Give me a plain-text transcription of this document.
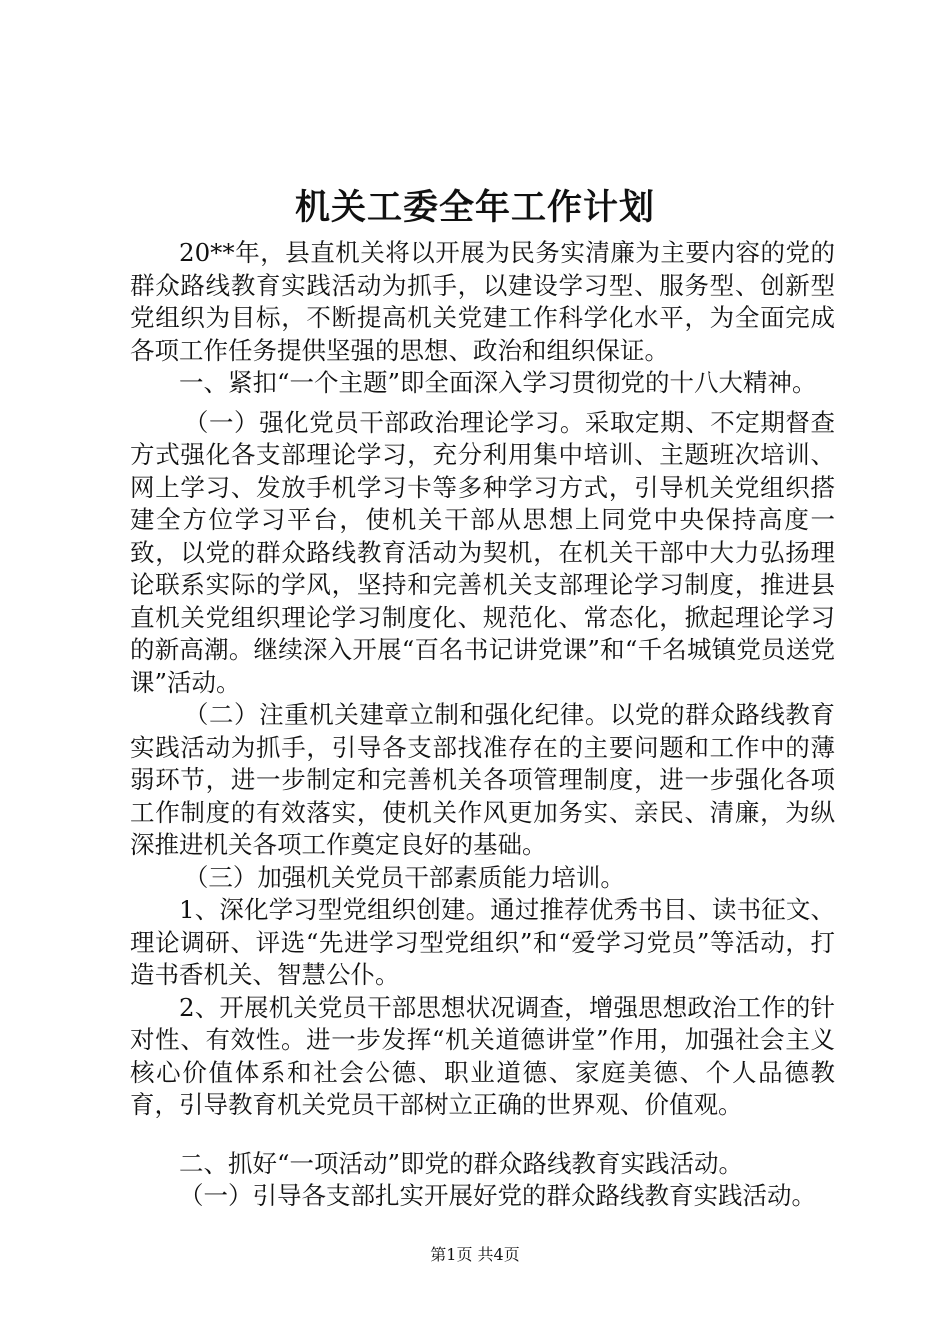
机关工委全年工作计划

20**年，县直机关将以开展为民务实清廉为主要内容的党的群众路线教育实践活动为抓手，以建设学习型、服务型、创新型党组织为目标，不断提高机关党建工作科学化水平，为全面完成各项工作任务提供坚强的思想、政治和组织保证。

一、紧扣“一个主题”即全面深入学习贯彻党的十八大精神。

（一）强化党员干部政治理论学习。采取定期、不定期督查方式强化各支部理论学习，充分利用集中培训、主题班次培训、网上学习、发放手机学习卡等多种学习方式，引导机关党组织搭建全方位学习平台，使机关干部从思想上同党中央保持高度一致，以党的群众路线教育活动为契机，在机关干部中大力弘扬理论联系实际的学风，坚持和完善机关支部理论学习制度，推进县直机关党组织理论学习制度化、规范化、常态化，掀起理论学习的新高潮。继续深入开展“百名书记讲党课”和“千名城镇党员送党课”活动。

（二）注重机关建章立制和强化纪律。以党的群众路线教育实践活动为抓手，引导各支部找准存在的主要问题和工作中的薄弱环节，进一步制定和完善机关各项管理制度，进一步强化各项工作制度的有效落实，使机关作风更加务实、亲民、清廉，为纵深推进机关各项工作奠定良好的基础。

（三）加强机关党员干部素质能力培训。

1、深化学习型党组织创建。通过推荐优秀书目、读书征文、理论调研、评选“先进学习型党组织”和“爱学习党员”等活动，打造书香机关、智慧公仆。

2、开展机关党员干部思想状况调查，增强思想政治工作的针对性、有效性。进一步发挥“机关道德讲堂”作用，加强社会主义核心价值体系和社会公德、职业道德、家庭美德、个人品德教育，引导教育机关党员干部树立正确的世界观、价值观。

二、抓好“一项活动”即党的群众路线教育实践活动。

（一）引导各支部扎实开展好党的群众路线教育实践活动。

第1页 共4页
